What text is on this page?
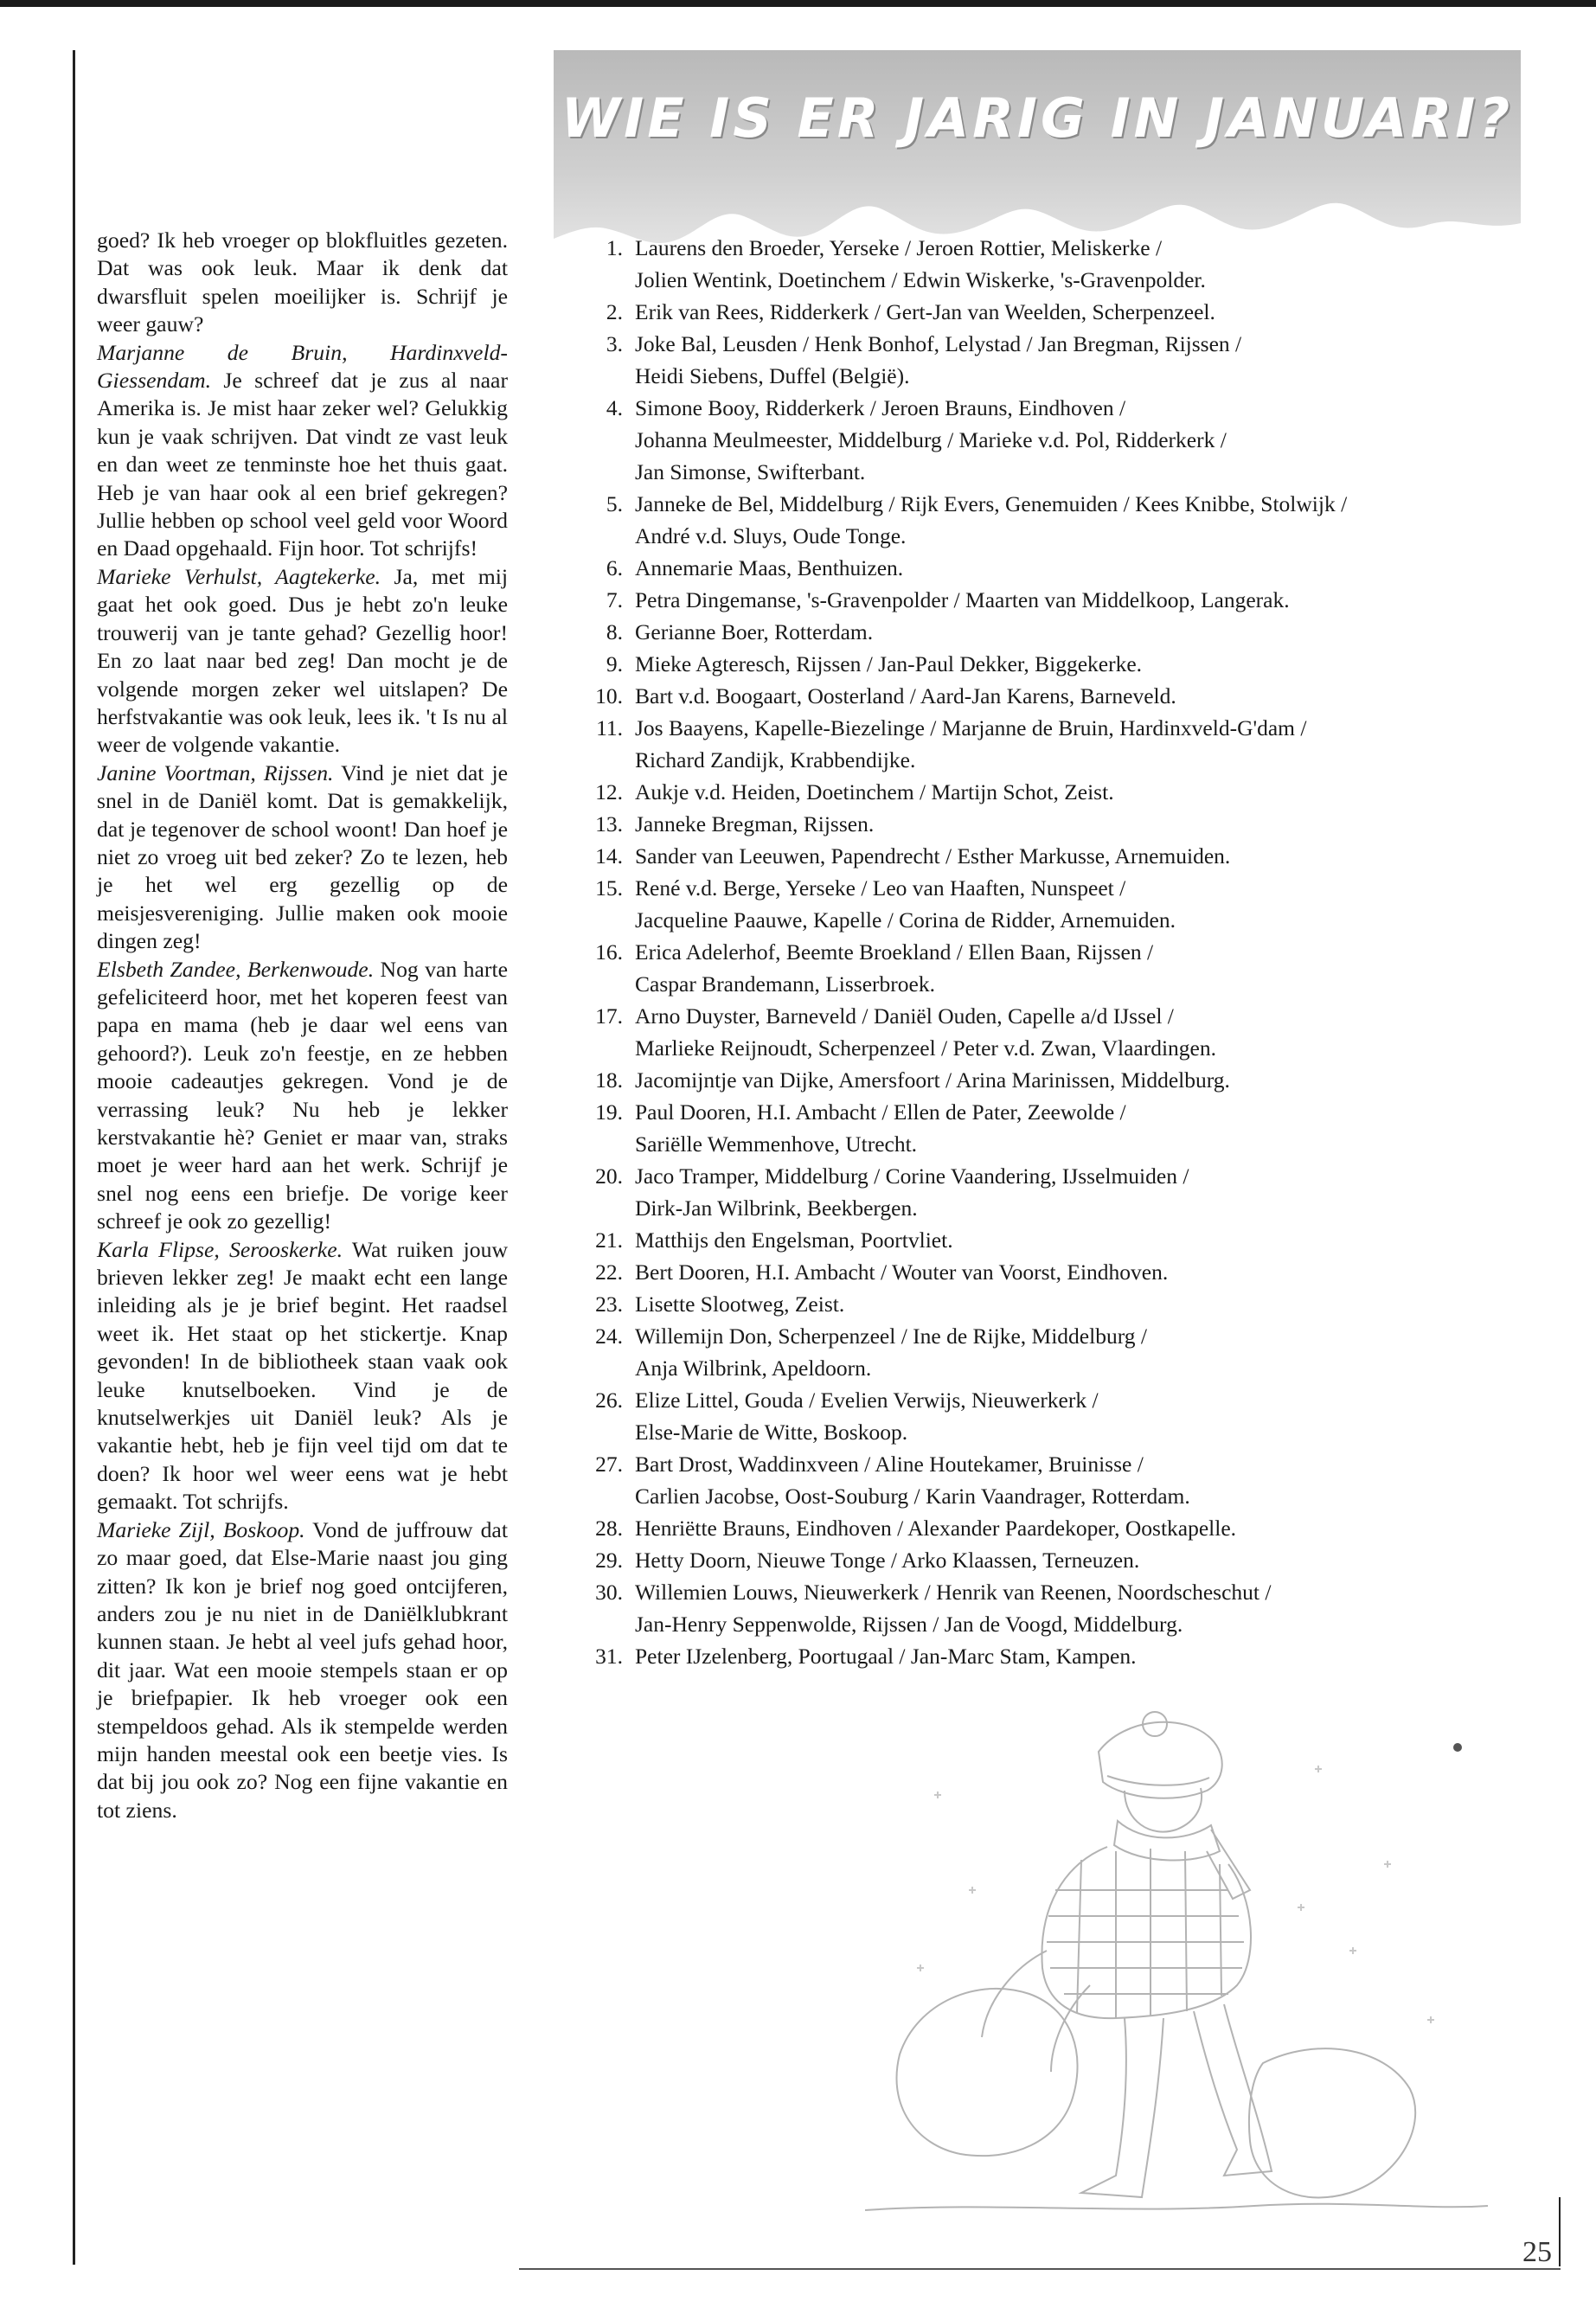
goed? Ik heb vroeger op blokfluitles gezeten. Dat was ook leuk. Maar ik denk dat dwarsfluit spelen moeilijker is. Schrijf je weer gauw?
Marjanne de Bruin, Hardinxveld-Giessendam. Je schreef dat je zus al naar Amerika is. Je mist haar zeker wel? Gelukkig kun je vaak schrijven. Dat vindt ze vast leuk en dan weet ze tenminste hoe het thuis gaat. Heb je van haar ook al een brief gekregen? Jullie hebben op school veel geld voor Woord en Daad opgehaald. Fijn hoor. Tot schrijfs!
Marieke Verhulst, Aagtekerke. Ja, met mij gaat het ook goed. Dus je hebt zo'n leuke trouwerij van je tante gehad? Gezellig hoor! En zo laat naar bed zeg! Dan mocht je de volgende morgen zeker wel uitslapen? De herfstvakantie was ook leuk, lees ik. 't Is nu al weer de volgende vakantie.
Janine Voortman, Rijssen. Vind je niet dat je snel in de Daniël komt. Dat is gemakkelijk, dat je tegenover de school woont! Dan hoef je niet zo vroeg uit bed zeker? Zo te lezen, heb je het wel erg gezellig op de meisjesvereniging. Jullie maken ook mooie dingen zeg!
Elsbeth Zandee, Berkenwoude. Nog van harte gefeliciteerd hoor, met het koperen feest van papa en mama (heb je daar wel eens van gehoord?). Leuk zo'n feestje, en ze hebben mooie cadeautjes gekregen. Vond je de verrassing leuk? Nu heb je lekker kerstvakantie hè? Geniet er maar van, straks moet je weer hard aan het werk. Schrijf je snel nog eens een briefje. De vorige keer schreef je ook zo gezellig!
Karla Flipse, Serooskerke. Wat ruiken jouw brieven lekker zeg! Je maakt echt een lange inleiding als je je brief begint. Het raadsel weet ik. Het staat op het stickertje. Knap gevonden! In de bibliotheek staan vaak ook leuke knutselboeken. Vind je de knutselwerkjes uit Daniël leuk? Als je vakantie hebt, heb je fijn veel tijd om dat te doen? Ik hoor wel weer eens wat je hebt gemaakt. Tot schrijfs.
Marieke Zijl, Boskoop. Vond de juffrouw dat zo maar goed, dat Else-Marie naast jou ging zitten? Ik kon je brief nog goed ontcijferen, anders zou je nu niet in de Daniëlklubkrant kunnen staan. Je hebt al veel jufs gehad hoor, dit jaar. Wat een mooie stempels staan er op je briefpapier. Ik heb vroeger ook een stempeldoos gehad. Als ik stempelde werden mijn handen meestal ook een beetje vies. Is dat bij jou ook zo? Nog een fijne vakantie en tot ziens.
WIE IS ER JARIG IN JANUARI?
1. Laurens den Broeder, Yerseke / Jeroen Rottier, Meliskerke /
Jolien Wentink, Doetinchem / Edwin Wiskerke, 's-Gravenpolder.
2. Erik van Rees, Ridderkerk / Gert-Jan van Weelden, Scherpenzeel.
3. Joke Bal, Leusden / Henk Bonhof, Lelystad / Jan Bregman, Rijssen /
Heidi Siebens, Duffel (België).
4. Simone Booy, Ridderkerk / Jeroen Brauns, Eindhoven /
Johanna Meulmeester, Middelburg / Marieke v.d. Pol, Ridderkerk /
Jan Simonse, Swifterbant.
5. Janneke de Bel, Middelburg / Rijk Evers, Genemuiden / Kees Knibbe, Stolwijk /
André v.d. Sluys, Oude Tonge.
6. Annemarie Maas, Benthuizen.
7. Petra Dingemanse, 's-Gravenpolder / Maarten van Middelkoop, Langerak.
8. Gerianne Boer, Rotterdam.
9. Mieke Agteresch, Rijssen / Jan-Paul Dekker, Biggekerke.
10. Bart v.d. Boogaart, Oosterland / Aard-Jan Karens, Barneveld.
11. Jos Baayens, Kapelle-Biezelinge / Marjanne de Bruin, Hardinxveld-G'dam /
Richard Zandijk, Krabbendijke.
12. Aukje v.d. Heiden, Doetinchem / Martijn Schot, Zeist.
13. Janneke Bregman, Rijssen.
14. Sander van Leeuwen, Papendrecht / Esther Markusse, Arnemuiden.
15. René v.d. Berge, Yerseke / Leo van Haaften, Nunspeet /
Jacqueline Paauwe, Kapelle / Corina de Ridder, Arnemuiden.
16. Erica Adelerhof, Beemte Broekland / Ellen Baan, Rijssen /
Caspar Brandemann, Lisserbroek.
17. Arno Duyster, Barneveld / Daniël Ouden, Capelle a/d IJssel /
Marlieke Reijnoudt, Scherpenzeel / Peter v.d. Zwan, Vlaardingen.
18. Jacomijntje van Dijke, Amersfoort / Arina Marinissen, Middelburg.
19. Paul Dooren, H.I. Ambacht / Ellen de Pater, Zeewolde /
Sariëlle Wemmenhove, Utrecht.
20. Jaco Tramper, Middelburg / Corine Vaandering, IJsselmuiden /
Dirk-Jan Wilbrink, Beekbergen.
21. Matthijs den Engelsman, Poortvliet.
22. Bert Dooren, H.I. Ambacht / Wouter van Voorst, Eindhoven.
23. Lisette Slootweg, Zeist.
24. Willemijn Don, Scherpenzeel / Ine de Rijke, Middelburg /
Anja Wilbrink, Apeldoorn.
26. Elize Littel, Gouda / Evelien Verwijs, Nieuwerkerk /
Else-Marie de Witte, Boskoop.
27. Bart Drost, Waddinxveen / Aline Houtekamer, Bruinisse /
Carlien Jacobse, Oost-Souburg / Karin Vaandrager, Rotterdam.
28. Henriëtte Brauns, Eindhoven / Alexander Paardekoper, Oostkapelle.
29. Hetty Doorn, Nieuwe Tonge / Arko Klaassen, Terneuzen.
30. Willemien Louws, Nieuwerkerk / Henrik van Reenen, Noordscheschut /
Jan-Henry Seppenwolde, Rijssen / Jan de Voogd, Middelburg.
31. Peter IJzelenberg, Poortugaal / Jan-Marc Stam, Kampen.
25
